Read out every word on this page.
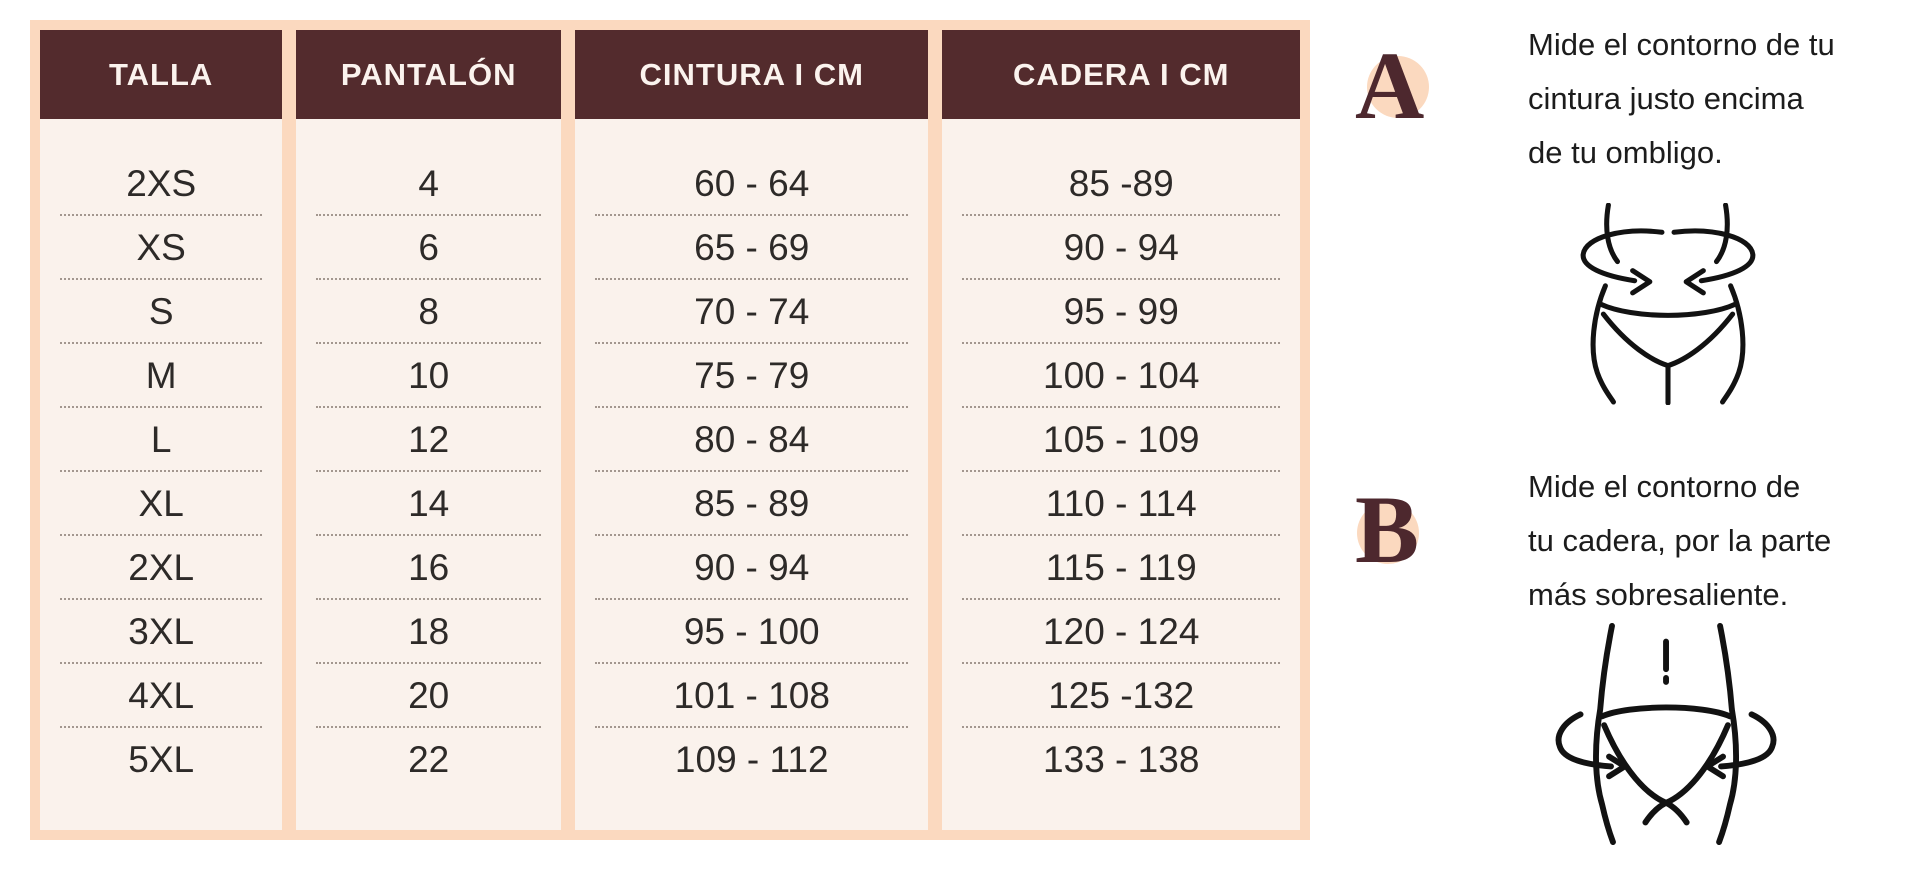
TALLA
2XS
XS
S
M
L
XL
2XL
3XL
4XL
5XL
PANTALÓN
4
6
8
10
12
14
16
18
20
22
CINTURA I CM
60 - 64
65 - 69
70 - 74
75 - 79
80 - 84
85 - 89
90 - 94
95 - 100
101 - 108
109 - 112
CADERA I CM
85 -89
90 - 94
95 - 99
100 - 104
105 - 109
110 - 114
115 - 119
120 - 124
125 -132
133 - 138
A	Mide el contorno de tu
cintura justo encima
de tu ombligo.
B	Mide el contorno de
tu cadera, por la parte
más sobresaliente.
